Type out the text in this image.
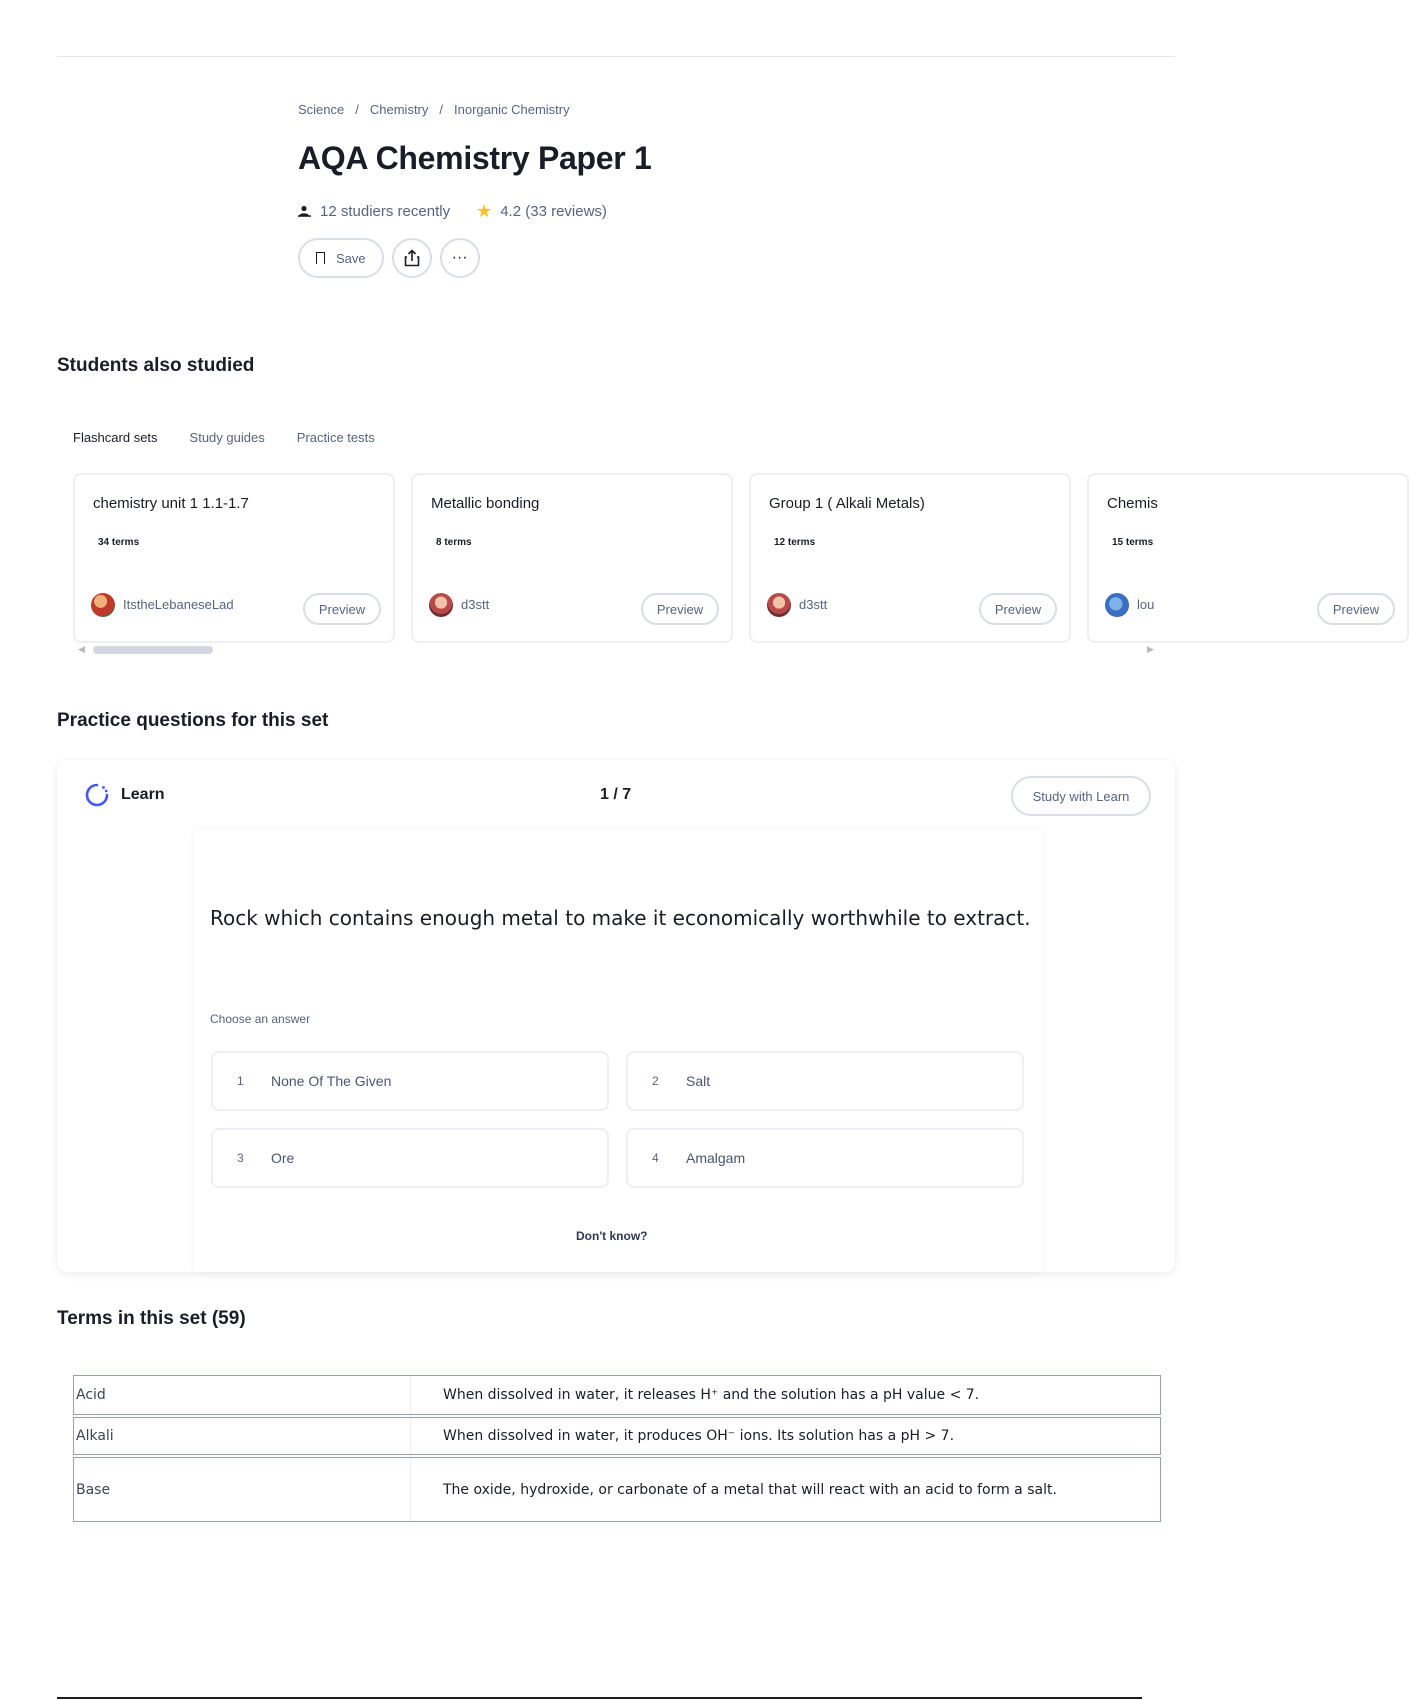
Science / Chemistry / Inorganic Chemistry
AQA Chemistry Paper 1
12 studiers recently ★ 4.2 (33 reviews)
Save	···
Students also studied
Flashcard sets Study guides Practice tests
chemistry unit 1 1.1-1.7
34 terms
ItstheLebaneseLad	Preview
Metallic bonding
8 terms
d3stt	Preview
Group 1 ( Alkali Metals)
12 terms
d3stt	Preview
Chemis
15 terms
lou	Preview
◀	▶
Practice questions for this set
Learn	1 / 7	Study with Learn
Rock which contains enough metal to make it economically worthwhile to extract.
Choose an answer
1	None Of The Given	2	Salt
3	Ore	4	Amalgam
Don't know?
Terms in this set (59)
Acid	When dissolved in water, it releases H⁺ and the solution has a pH value < 7.

Alkali	When dissolved in water, it produces OH⁻ ions. Its solution has a pH > 7.

Base	The oxide, hydroxide, or carbonate of a metal that will react with an acid to form a salt.
